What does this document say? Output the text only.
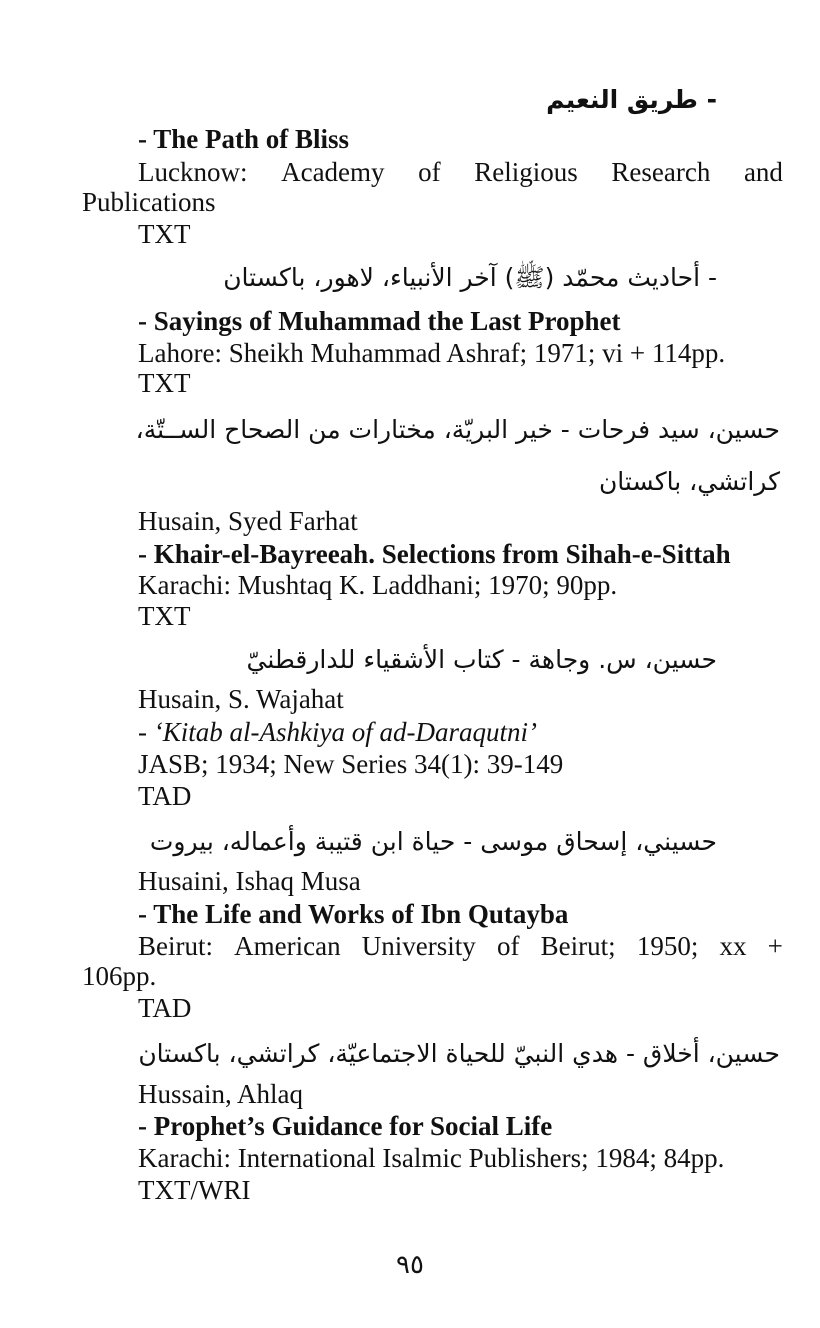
- طريق النعيم
- The Path of Bliss
Lucknow: Academy of Religious Research and
Publications
TXT
- أحاديث محمّد (ﷺ) آخر الأنبياء، لاهور، باكستان
- Sayings of Muhammad the Last Prophet
Lahore: Sheikh Muhammad Ashraf; 1971; vi + 114pp.
TXT
حسين، سيد فرحات - خير البريّة، مختارات من الصحاح الســتّة،
كراتشي، باكستان
Husain, Syed Farhat
- Khair-el-Bayreeah. Selections from Sihah-e-Sittah
Karachi: Mushtaq K. Laddhani; 1970; 90pp.
TXT
حسين، س. وجاهة - كتاب الأشقياء للدارقطنيّ
Husain, S. Wajahat
- ‘Kitab al-Ashkiya of ad-Daraqutni’
JASB; 1934; New Series 34(1): 39-149
TAD
حسيني، إسحاق موسى - حياة ابن قتيبة وأعماله، بيروت
Husaini, Ishaq Musa
- The Life and Works of Ibn Qutayba
Beirut: American University of Beirut; 1950; xx +
106pp.
TAD
حسين، أخلاق - هدي النبيّ للحياة الاجتماعيّة، كراتشي، باكستان
Hussain, Ahlaq
- Prophet’s Guidance for Social Life
Karachi: International Isalmic Publishers; 1984; 84pp.
TXT/WRI
٩٥
